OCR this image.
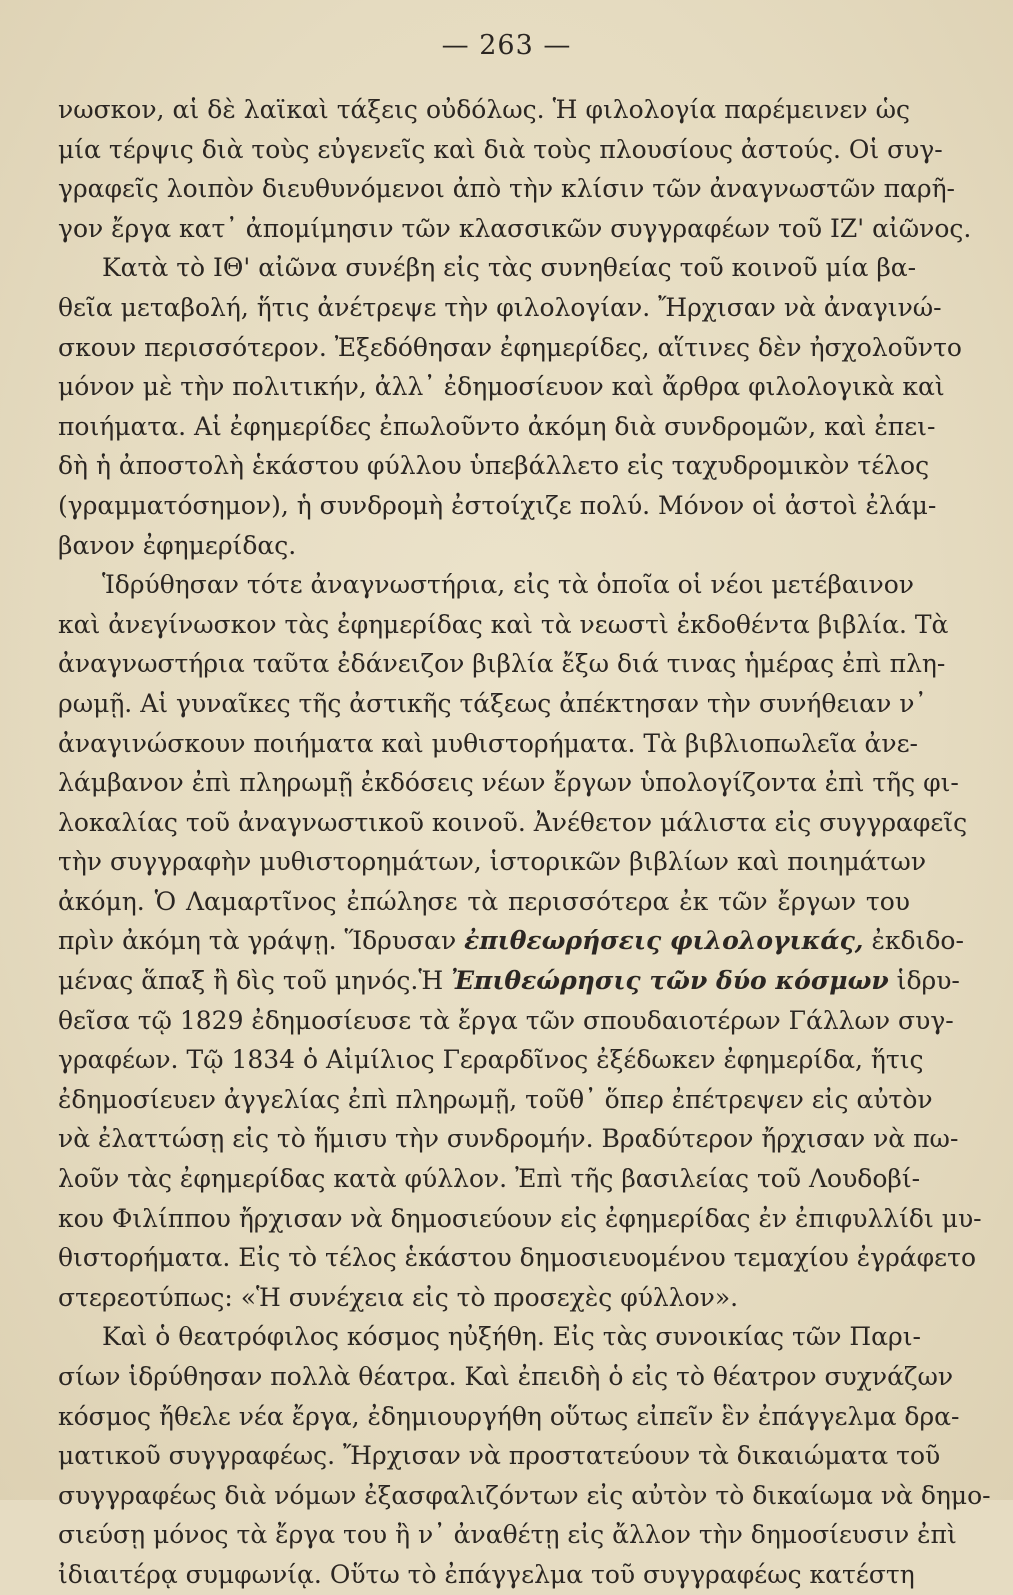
— 263 —
νωσκον, αἱ δὲ λαϊκαὶ τάξεις οὐδόλως. Ἡ φιλολογία παρέμεινεν ὡς
μία τέρψις διὰ τοὺς εὐγενεῖς καὶ διὰ τοὺς πλουσίους ἀστούς. Οἱ συγ-
γραφεῖς λοιπὸν διευθυνόμενοι ἀπὸ τὴν κλίσιν τῶν ἀναγνωστῶν παρῆ-
γον ἔργα κατ᾿ ἀπομίμησιν τῶν κλασσικῶν συγγραφέων τοῦ ΙΖ' αἰῶνος.
Κατὰ τὸ ΙΘ' αἰῶνα συνέβη εἰς τὰς συνηθείας τοῦ κοινοῦ μία βα-
θεῖα μεταβολή, ἥτις ἀνέτρεψε τὴν φιλολογίαν. Ἤρχισαν νὰ ἀναγινώ-
σκουν περισσότερον. Ἐξεδόθησαν ἐφημερίδες, αἵτινες δὲν ἠσχολοῦντο
μόνον μὲ τὴν πολιτικήν, ἀλλ᾿ ἐδημοσίευον καὶ ἄρθρα φιλολογικὰ καὶ
ποιήματα. Αἱ ἐφημερίδες ἐπωλοῦντο ἀκόμη διὰ συνδρομῶν, καὶ ἐπει-
δὴ ἡ ἀποστολὴ ἑκάστου φύλλου ὑπεβάλλετο εἰς ταχυδρομικὸν τέλος
(γραμματόσημον), ἡ συνδρομὴ ἐστοίχιζε πολύ. Μόνον οἱ ἀστοὶ ἐλάμ-
βανον ἐφημερίδας.
Ἱδρύθησαν τότε ἀναγνωστήρια, εἰς τὰ ὁποῖα οἱ νέοι μετέβαινον
καὶ ἀνεγίνωσκον τὰς ἐφημερίδας καὶ τὰ νεωστὶ ἐκδοθέντα βιβλία. Τὰ
ἀναγνωστήρια ταῦτα ἐδάνειζον βιβλία ἔξω διά τινας ἡμέρας ἐπὶ πλη-
ρωμῇ. Αἱ γυναῖκες τῆς ἀστικῆς τάξεως ἀπέκτησαν τὴν συνήθειαν ν᾿
ἀναγινώσκουν ποιήματα καὶ μυθιστορήματα. Τὰ βιβλιοπωλεῖα ἀνε-
λάμβανον ἐπὶ πληρωμῇ ἐκδόσεις νέων ἔργων ὑπολογίζοντα ἐπὶ τῆς φι-
λοκαλίας τοῦ ἀναγνωστικοῦ κοινοῦ. Ἀνέθετον μάλιστα εἰς συγγραφεῖς
τὴν συγγραφὴν μυθιστορημάτων, ἱστορικῶν βιβλίων καὶ ποιημάτων
ἀκόμη. Ὁ Λαμαρτῖνος ἐπώλησε τὰ περισσότερα ἐκ τῶν ἔργων του
πρὶν ἀκόμη τὰ γράψῃ. Ἵδρυσαν ἐπιθεωρήσεις φιλολογικάς, ἐκδιδο-
μένας ἅπαξ ἢ δὶς τοῦ μηνός.Ἡ Ἐπιθεώρησις τῶν δύο κόσμων ἱδρυ-
θεῖσα τῷ 1829 ἐδημοσίευσε τὰ ἔργα τῶν σπουδαιοτέρων Γάλλων συγ-
γραφέων. Τῷ 1834 ὁ Αἰμίλιος Γεραρδῖνος ἐξέδωκεν ἐφημερίδα, ἥτις
ἐδημοσίευεν ἀγγελίας ἐπὶ πληρωμῇ, τοῦθ᾿ ὅπερ ἐπέτρεψεν εἰς αὐτὸν
νὰ ἐλαττώσῃ εἰς τὸ ἥμισυ τὴν συνδρομήν. Βραδύτερον ἤρχισαν νὰ πω-
λοῦν τὰς ἐφημερίδας κατὰ φύλλον. Ἐπὶ τῆς βασιλείας τοῦ Λουδοβί-
κου Φιλίππου ἤρχισαν νὰ δημοσιεύουν εἰς ἐφημερίδας ἐν ἐπιφυλλίδι μυ-
θιστορήματα. Εἰς τὸ τέλος ἑκάστου δημοσιευομένου τεμαχίου ἐγράφετο
στερεοτύπως: «Ἡ συνέχεια εἰς τὸ προσεχὲς φύλλον».
Καὶ ὁ θεατρόφιλος κόσμος ηὐξήθη. Εἰς τὰς συνοικίας τῶν Παρι-
σίων ἱδρύθησαν πολλὰ θέατρα. Καὶ ἐπειδὴ ὁ εἰς τὸ θέατρον συχνάζων
κόσμος ἤθελε νέα ἔργα, ἐδημιουργήθη οὕτως εἰπεῖν ἓν ἐπάγγελμα δρα-
ματικοῦ συγγραφέως. Ἤρχισαν νὰ προστατεύουν τὰ δικαιώματα τοῦ
συγγραφέως διὰ νόμων ἐξασφαλιζόντων εἰς αὐτὸν τὸ δικαίωμα νὰ δημο-
σιεύσῃ μόνος τὰ ἔργα του ἢ ν᾿ ἀναθέτῃ εἰς ἄλλον τὴν δημοσίευσιν ἐπὶ
ἰδιαιτέρᾳ συμφωνίᾳ. Οὕτω τὸ ἐπάγγελμα τοῦ συγγραφέως κατέστη
